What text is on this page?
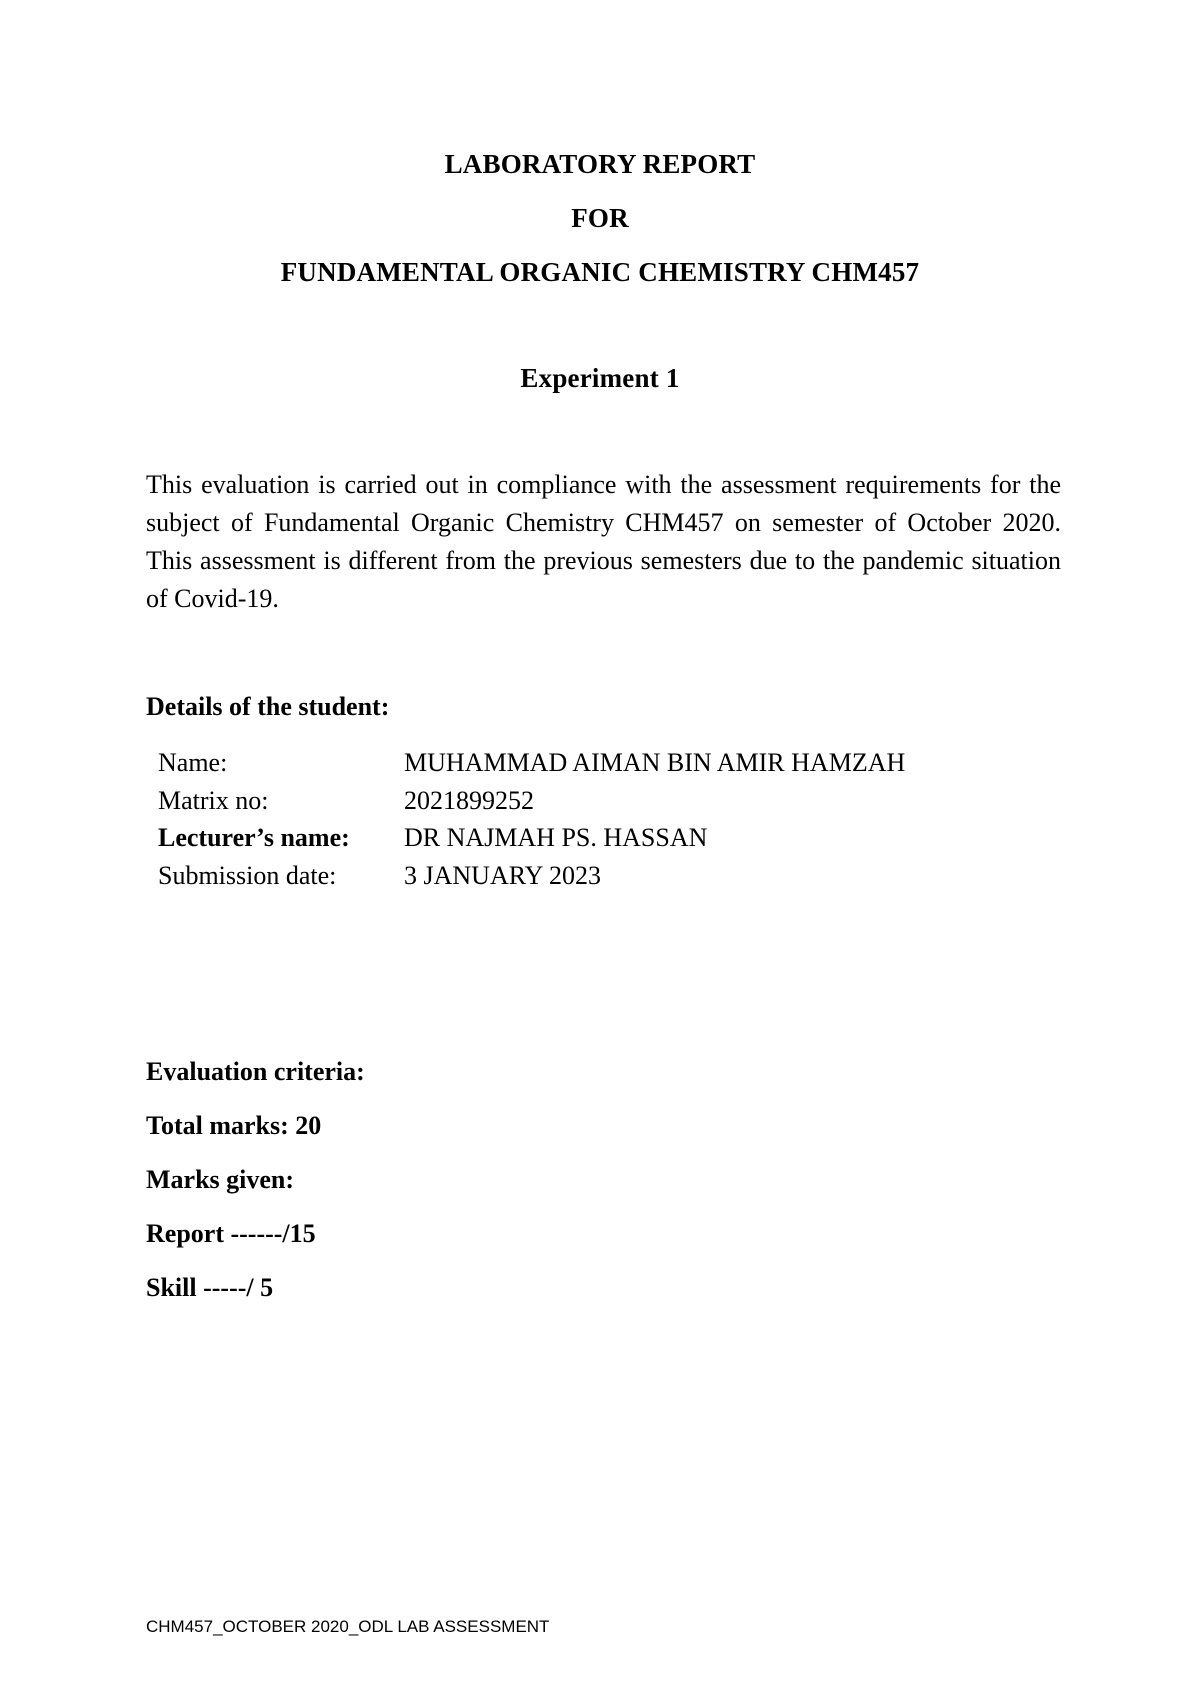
LABORATORY REPORT
FOR
FUNDAMENTAL ORGANIC CHEMISTRY CHM457
Experiment 1
This evaluation is carried out in compliance with the assessment requirements for the subject of Fundamental Organic Chemistry CHM457 on semester of October 2020. This assessment is different from the previous semesters due to the pandemic situation of Covid-19.
Details of the student:
Name:	MUHAMMAD AIMAN BIN AMIR HAMZAH
Matrix no:	2021899252
Lecturer’s name:	DR NAJMAH PS. HASSAN
Submission date:	3 JANUARY 2023
Evaluation criteria:
Total marks: 20
Marks given:
Report ------/15
Skill -----/ 5
CHM457_OCTOBER 2020_ODL LAB ASSESSMENT
